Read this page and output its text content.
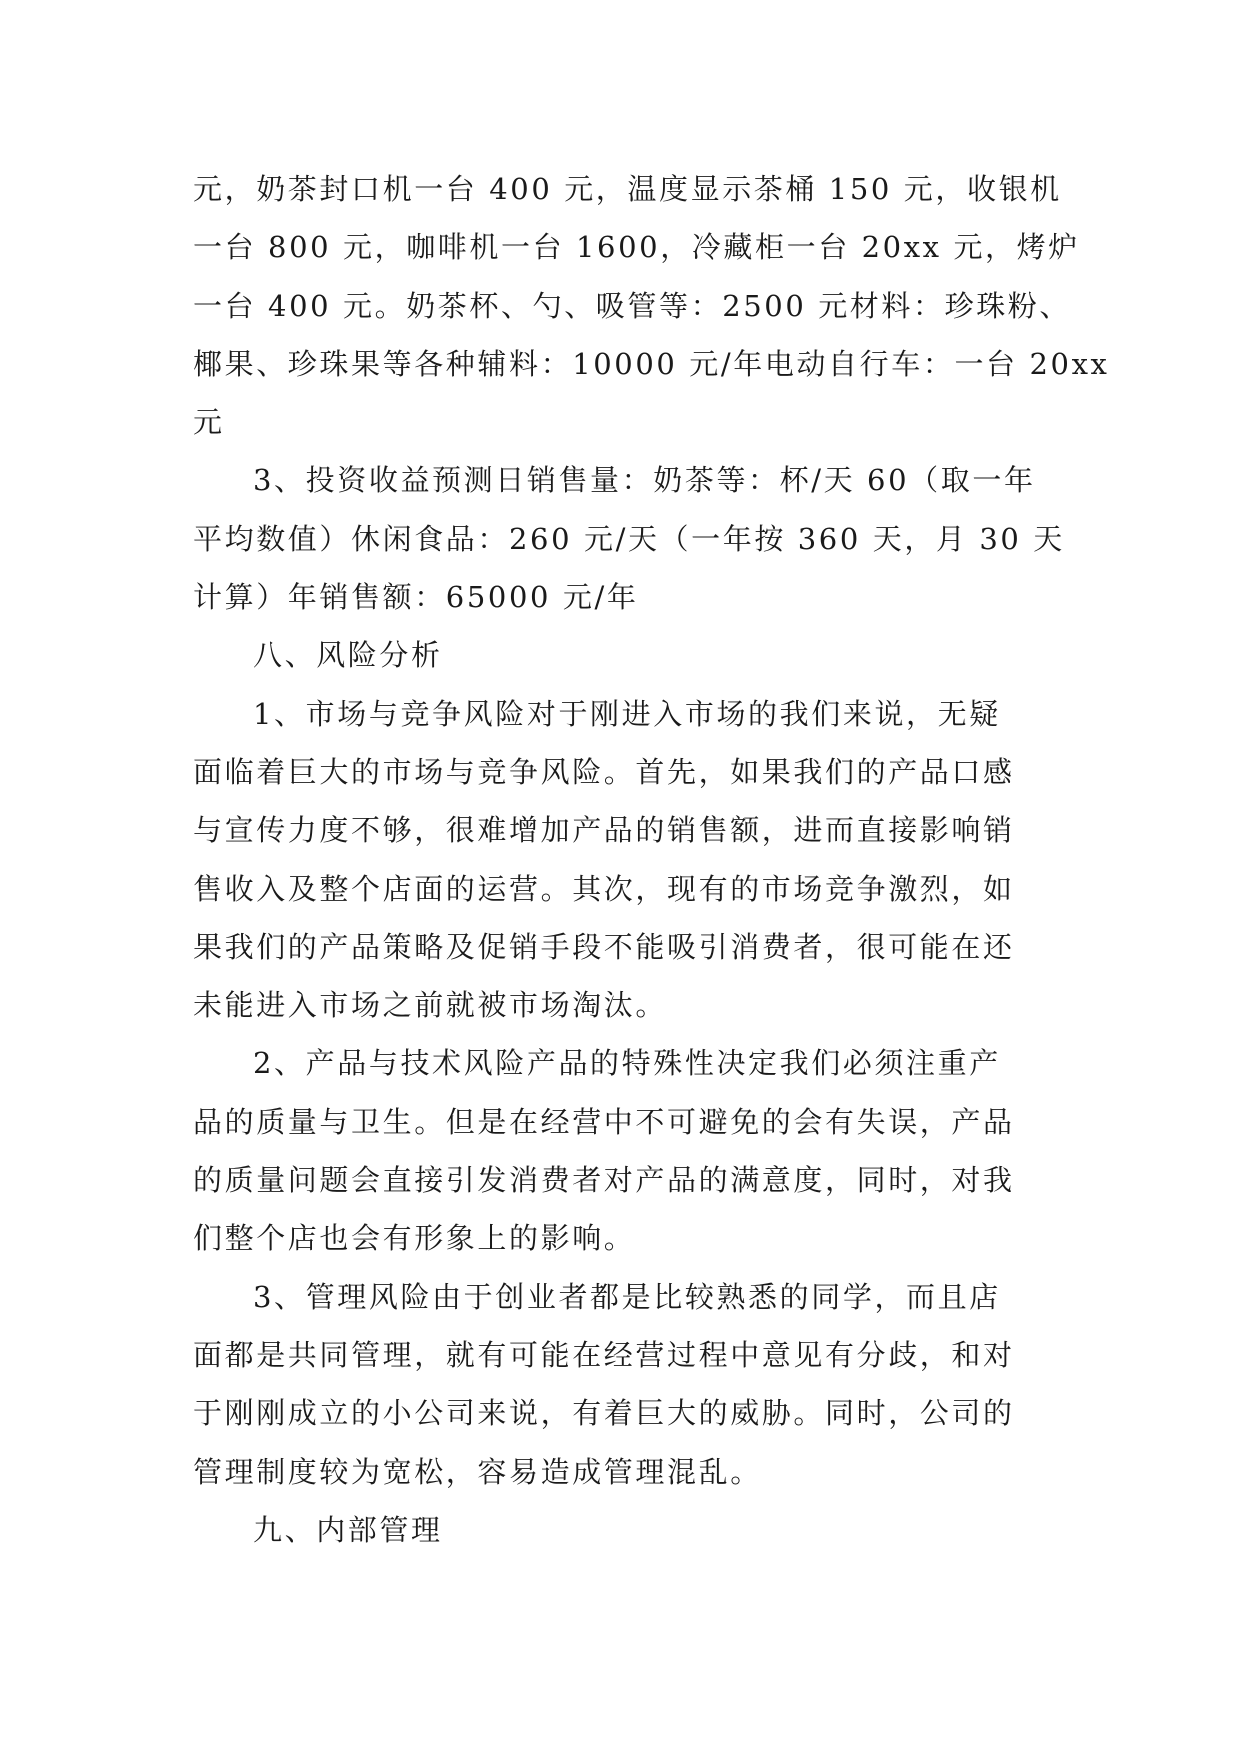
元，奶茶封口机一台 400 元，温度显示茶桶 150 元，收银机
一台 800 元，咖啡机一台 1600，冷藏柜一台 20xx 元，烤炉
一台 400 元。奶茶杯、勺、吸管等：2500 元材料：珍珠粉、
椰果、珍珠果等各种辅料：10000 元/年电动自行车：一台 20xx
元
3、投资收益预测日销售量：奶茶等：杯/天 60（取一年
平均数值）休闲食品：260 元/天（一年按 360 天，月 30 天
计算）年销售额：65000 元/年
八、风险分析
1、市场与竞争风险对于刚进入市场的我们来说，无疑
面临着巨大的市场与竞争风险。首先，如果我们的产品口感
与宣传力度不够，很难增加产品的销售额，进而直接影响销
售收入及整个店面的运营。其次，现有的市场竞争激烈，如
果我们的产品策略及促销手段不能吸引消费者，很可能在还
未能进入市场之前就被市场淘汰。
2、产品与技术风险产品的特殊性决定我们必须注重产
品的质量与卫生。但是在经营中不可避免的会有失误，产品
的质量问题会直接引发消费者对产品的满意度，同时，对我
们整个店也会有形象上的影响。
3、管理风险由于创业者都是比较熟悉的同学，而且店
面都是共同管理，就有可能在经营过程中意见有分歧，和对
于刚刚成立的小公司来说，有着巨大的威胁。同时，公司的
管理制度较为宽松，容易造成管理混乱。
九、内部管理
